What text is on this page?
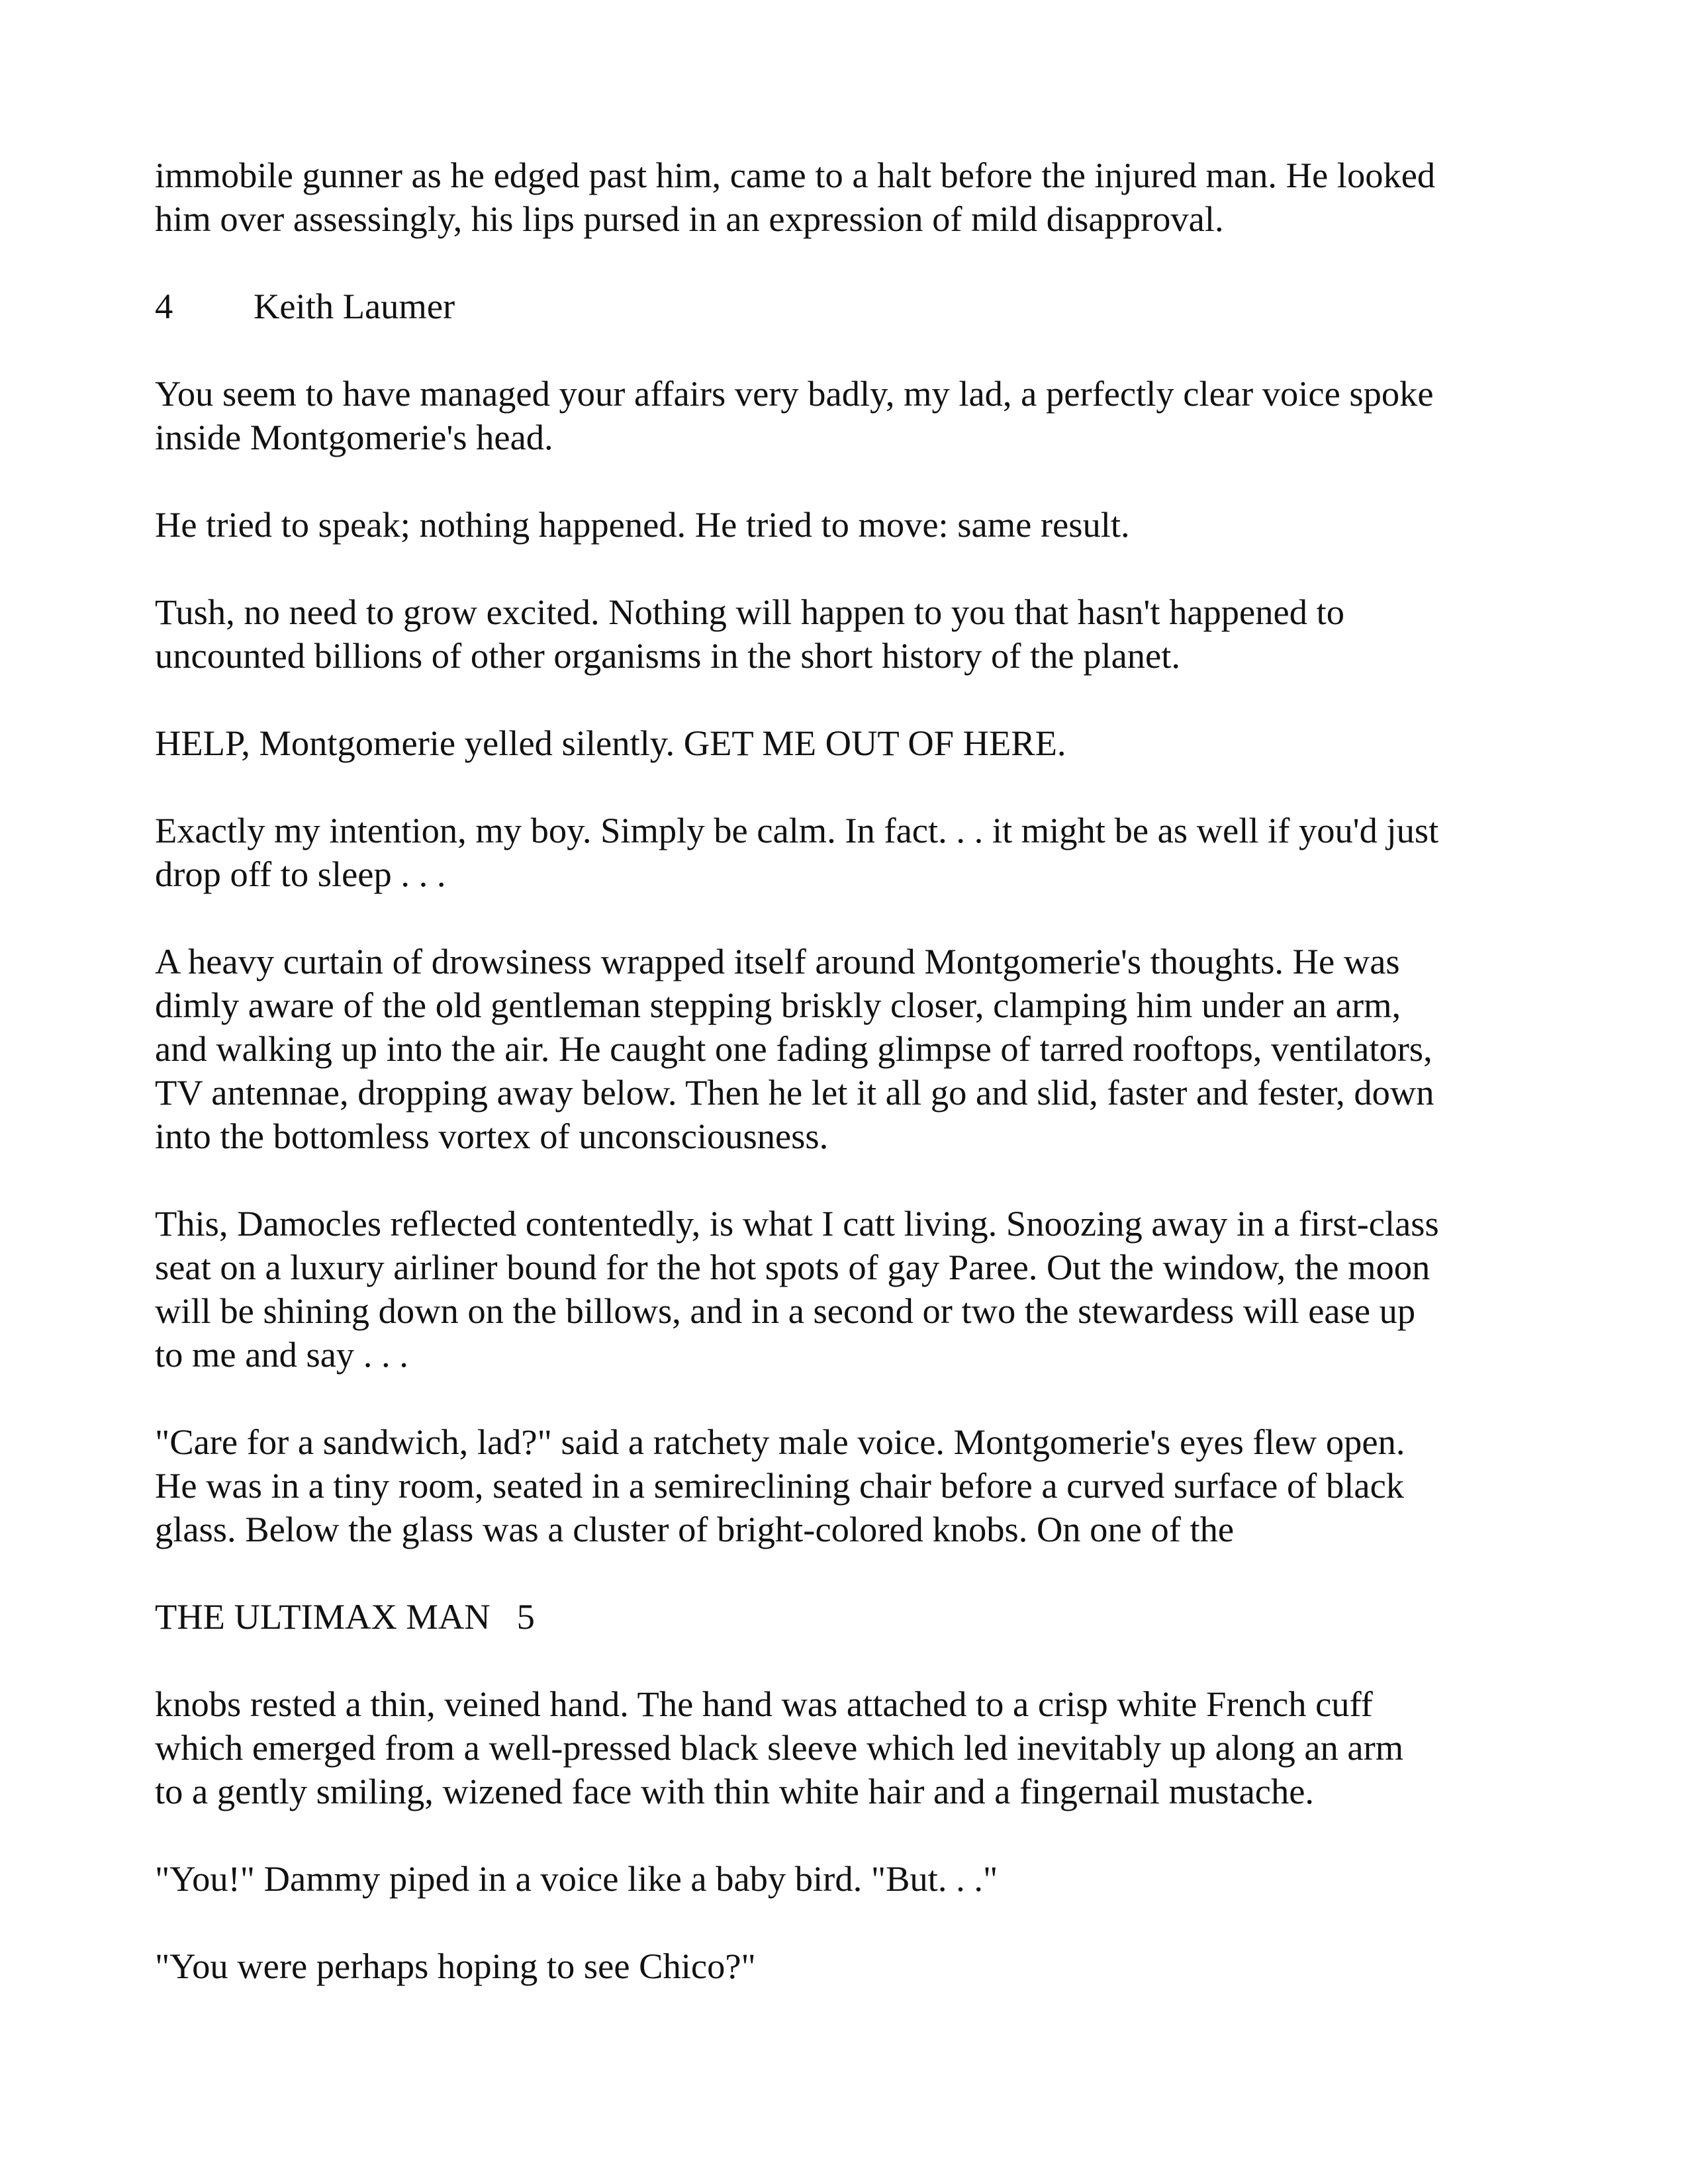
immobile gunner as he edged past him, came to a halt before the injured man. He looked
him over assessingly, his lips pursed in an expression of mild disapproval.

4 Keith Laumer

You seem to have managed your affairs very badly, my lad, a perfectly clear voice spoke
inside Montgomerie's head.

He tried to speak; nothing happened. He tried to move: same result.

Tush, no need to grow excited. Nothing will happen to you that hasn't happened to
uncounted billions of other organisms in the short history of the planet.

HELP, Montgomerie yelled silently. GET ME OUT OF HERE.

Exactly my intention, my boy. Simply be calm. In fact. . . it might be as well if you'd just
drop off to sleep . . .

A heavy curtain of drowsiness wrapped itself around Montgomerie's thoughts. He was
dimly aware of the old gentleman stepping briskly closer, clamping him under an arm,
and walking up into the air. He caught one fading glimpse of tarred rooftops, ventilators,
TV antennae, dropping away below. Then he let it all go and slid, faster and fester, down
into the bottomless vortex of unconsciousness.

This, Damocles reflected contentedly, is what I catt living. Snoozing away in a first-class
seat on a luxury airliner bound for the hot spots of gay Paree. Out the window, the moon
will be shining down on the billows, and in a second or two the stewardess will ease up
to me and say . . .

"Care for a sandwich, lad?" said a ratchety male voice. Montgomerie's eyes flew open.
He was in a tiny room, seated in a semireclining chair before a curved surface of black
glass. Below the glass was a cluster of bright-colored knobs. On one of the

THE ULTIMAX MAN 5

knobs rested a thin, veined hand. The hand was attached to a crisp white French cuff
which emerged from a well-pressed black sleeve which led inevitably up along an arm
to a gently smiling, wizened face with thin white hair and a fingernail mustache.

"You!" Dammy piped in a voice like a baby bird. "But. . ."

"You were perhaps hoping to see Chico?"
